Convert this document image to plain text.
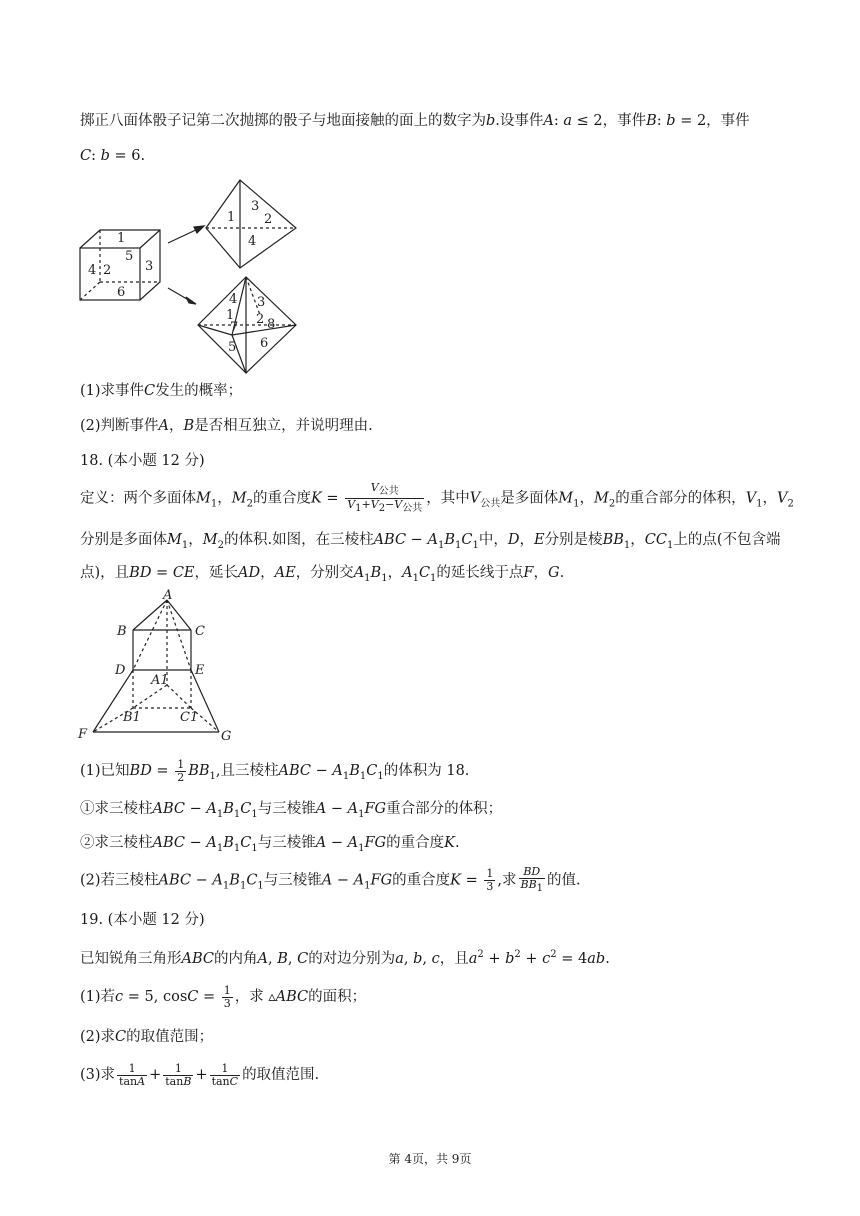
掷正八面体骰子记第二次抛掷的骰子与地面接触的面上的数字为b.设事件A: a ≤ 2，事件B: b = 2，事件
C: b = 6.
1
5
3
4 2
6
1
3
2
4
4 3
1 2
7 8
5 6
(1)求事件C发生的概率；
(2)判断事件A，B是否相互独立，并说明理由.
18. (本小题 12 分)
定义：两个多面体$M_1$，$M_2$的重合度$K = \frac{V_{公共}}{V_1+V_2-V_{公共}}$ ，其中$V_{公共}$是多面体$M_1$，$M_2$的重合部分的体积，$V_1$，$V_2$
分别是多面体$M_1$，$M_2$的体积.如图，在三棱柱ABC − $A_1B_1C_1$中，D，E分别是棱$BB_1$，$CC_1$上的点(不包含端
点)，且BD = CE，延长AD，AE，分别交$A_1B_1$，$A_1C_1$的延长线于点F，G.
A
B	C
D	E
A1
B1	C1
F	G
(1)已知BD = $\frac{1}{2} BB_1$,且三棱柱ABC − $A_1B_1C_1$的体积为 18.
①求三棱柱ABC − $A_1B_1C_1$与三棱锥$A - A_1FG$重合部分的体积；
②求三棱柱ABC − $A_1B_1C_1$与三棱锥$A - A_1FG$的重合度K.
(2)若三棱柱ABC − $A_1B_1C_1$与三棱锥$A - A_1FG$的重合度$K = \frac{1}{3}$ ,求 $\frac{BD}{BB_1}$ 的值.
19. (本小题 12 分)
已知锐角三角形ABC的内角A, B, C的对边分别为a, b, c，且$a^2 + b^2 + c^2 = 4ab$.
(1)若c = 5, $\cos C = \frac{1}{3}$ ，求 ▵ABC的面积；
(2)求C的取值范围；
(3)求 $\frac{1}{\tan A} + \frac{1}{\tan B} + \frac{1}{\tan C}$ 的取值范围.
第 4页，共 9页
